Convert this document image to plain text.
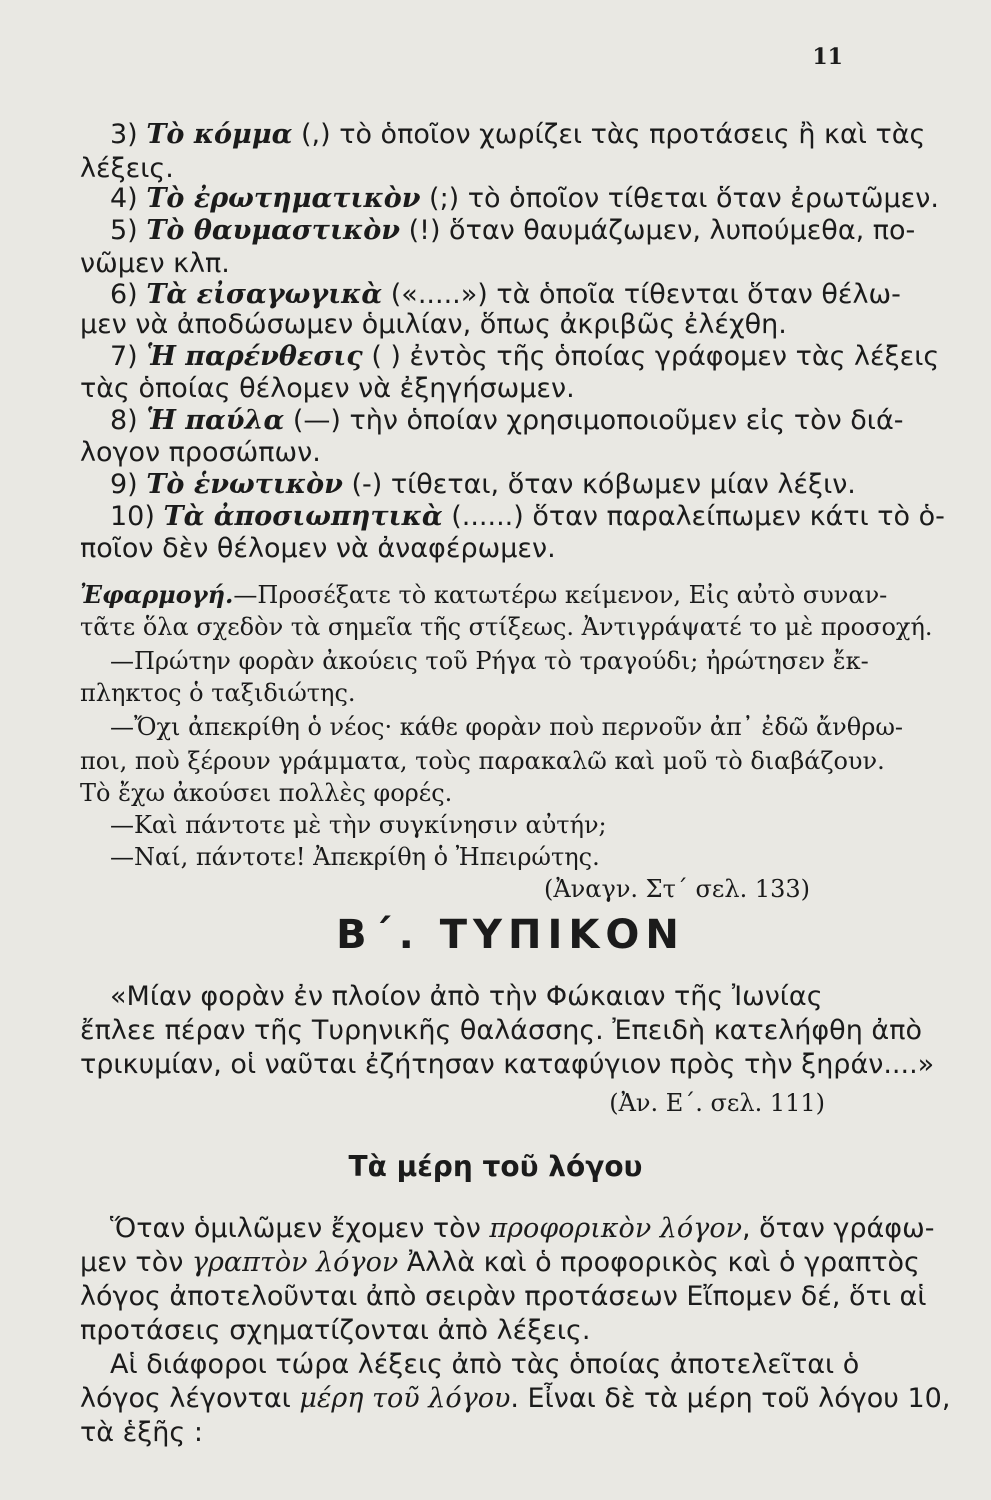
11
3) Τὸ κόμμα (,) τὸ ὁποῖον χωρίζει τὰς προτάσεις ἢ καὶ τὰς
λέξεις.
4) Τὸ ἐρωτηματικὸν (;) τὸ ὁποῖον τίθεται ὅταν ἐρωτῶμεν.
5) Τὸ θαυμαστικὸν (!) ὅταν θαυμάζωμεν, λυπούμεθα, πο-
νῶμεν κλπ.
6) Τὰ εἰσαγωγικὰ («.....») τὰ ὁποῖα τίθενται ὅταν θέλω-
μεν νὰ ἀποδώσωμεν ὁμιλίαν, ὅπως ἀκριβῶς ἐλέχθη.
7) Ἡ παρένθεσις ( ) ἐντὸς τῆς ὁποίας γράφομεν τὰς λέξεις
τὰς ὁποίας θέλομεν νὰ ἐξηγήσωμεν.
8) Ἡ παύλα (—) τὴν ὁποίαν χρησιμοποιοῦμεν εἰς τὸν διά-
λογον προσώπων.
9) Τὸ ἑνωτικὸν (-) τίθεται, ὅταν κόβωμεν μίαν λέξιν.
10) Τὰ ἀποσιωπητικὰ (......) ὅταν παραλείπωμεν κάτι τὸ ὁ-
ποῖον δὲν θέλομεν νὰ ἀναφέρωμεν.
Ἐφαρμογή.—Προσέξατε τὸ κατωτέρω κείμενον, Εἰς αὐτὸ συναν-
τᾶτε ὅλα σχεδὸν τὰ σημεῖα τῆς στίξεως. Ἀντιγράψατέ το μὲ προσοχή.
—Πρώτην φορὰν ἀκούεις τοῦ Ρήγα τὸ τραγούδι; ἠρώτησεν ἔκ-
πληκτος ὁ ταξιδιώτης.
—Ὄχι ἀπεκρίθη ὁ νέος· κάθε φορὰν ποὺ περνοῦν ἀπ᾿ ἐδῶ ἄνθρω-
ποι, ποὺ ξέρουν γράμματα, τοὺς παρακαλῶ καὶ μοῦ τὸ διαβάζουν.
Τὸ ἔχω ἀκούσει πολλὲς φορές.
—Καὶ πάντοτε μὲ τὴν συγκίνησιν αὐτήν;
—Ναί, πάντοτε! Ἀπεκρίθη ὁ Ἠπειρώτης.
(Ἀναγν. Στ´ σελ. 133)
Β´. ΤΥΠΙΚΟΝ
«Μίαν φορὰν ἐν πλοίον ἀπὸ τὴν Φώκαιαν τῆς Ἰωνίας
ἔπλεε πέραν τῆς Τυρηνικῆς θαλάσσης. Ἐπειδὴ κατελήφθη ἀπὸ
τρικυμίαν, οἱ ναῦται ἐζήτησαν καταφύγιον πρὸς τὴν ξηράν....»
(Ἀν. Ε´. σελ. 111)
Τὰ μέρη τοῦ λόγου
Ὅταν ὁμιλῶμεν ἔχομεν τὸν προφορικὸν λόγον, ὅταν γράφω-
μεν τὸν γραπτὸν λόγον Ἀλλὰ καὶ ὁ προφορικὸς καὶ ὁ γραπτὸς
λόγος ἀποτελοῦνται ἀπὸ σειρὰν προτάσεων Εἴπομεν δέ, ὅτι αἱ
προτάσεις σχηματίζονται ἀπὸ λέξεις.
Αἱ διάφοροι τώρα λέξεις ἀπὸ τὰς ὁποίας ἀποτελεῖται ὁ
λόγος λέγονται μέρη τοῦ λόγου. Εἶναι δὲ τὰ μέρη τοῦ λόγου 10,
τὰ ἑξῆς :
